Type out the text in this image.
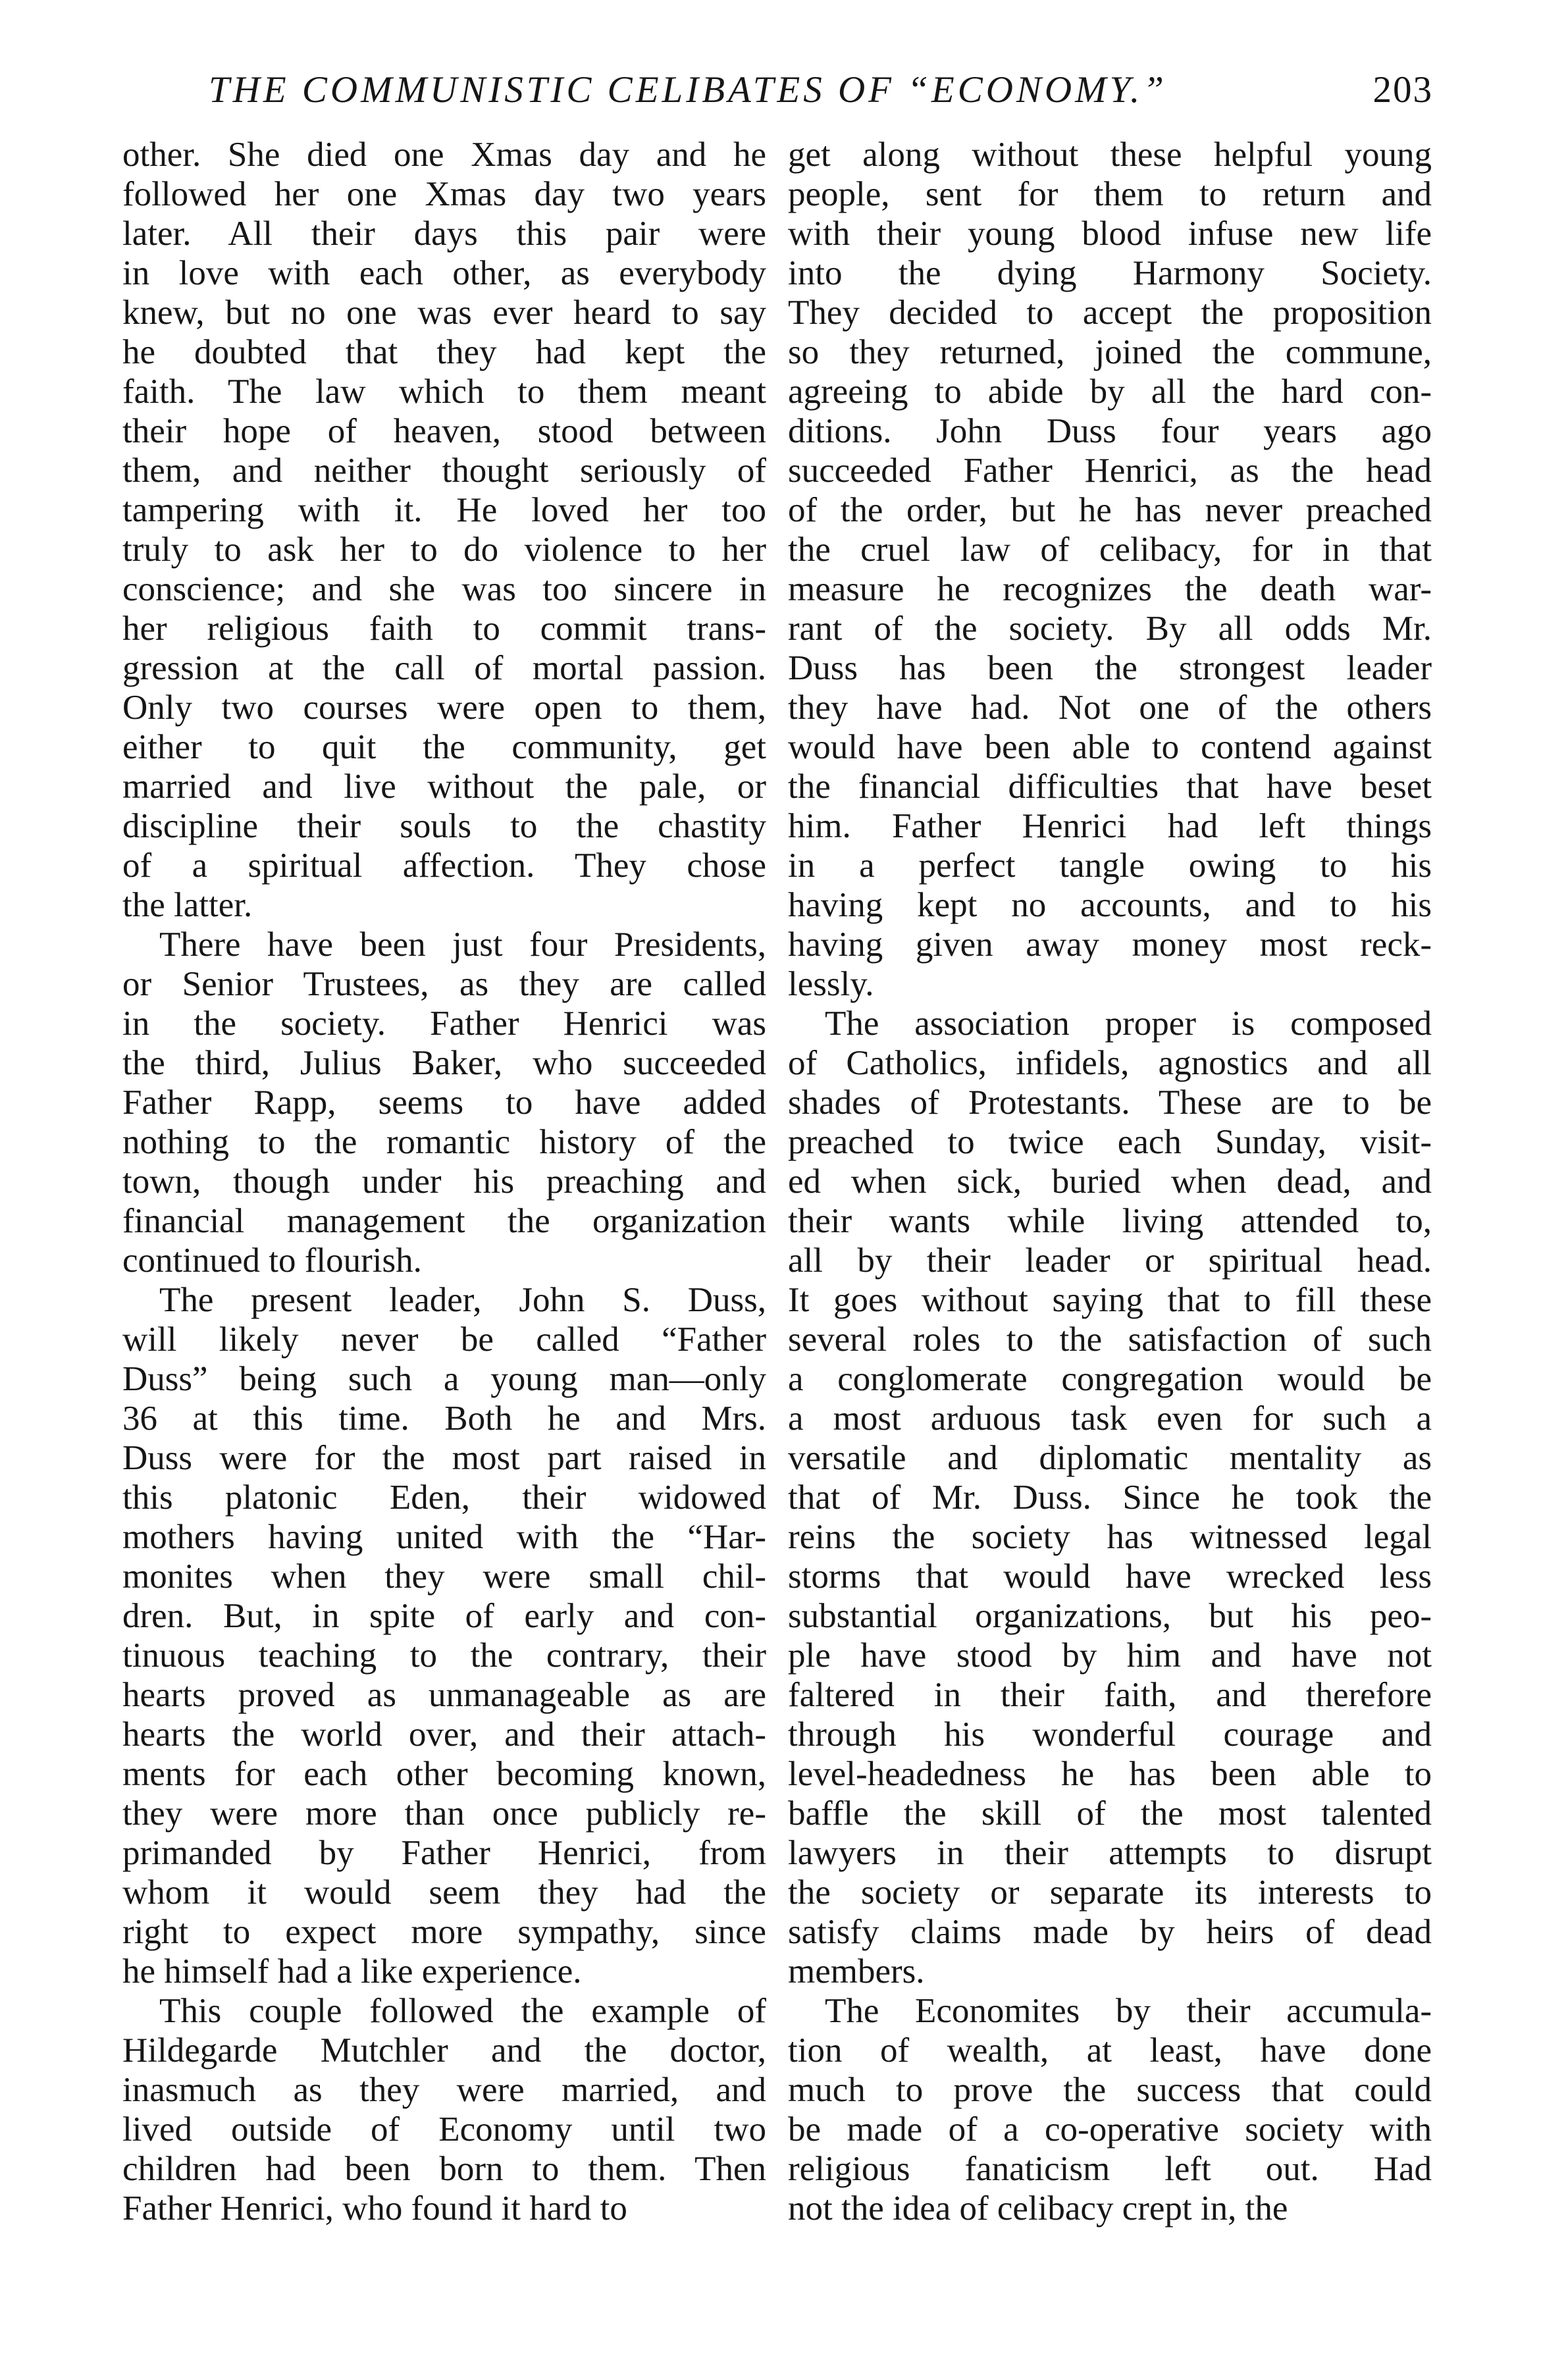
THE COMMUNISTIC CELIBATES OF “ECONOMY.”	203
other. She died one Xmas day and he
followed her one Xmas day two years
later. All their days this pair were
in love with each other, as everybody
knew, but no one was ever heard to say
he doubted that they had kept the
faith. The law which to them meant
their hope of heaven, stood between
them, and neither thought seriously of
tampering with it. He loved her too
truly to ask her to do violence to her
conscience; and she was too sincere in
her religious faith to commit trans-
gression at the call of mortal passion.
Only two courses were open to them,
either to quit the community, get
married and live without the pale, or
discipline their souls to the chastity
of a spiritual affection. They chose
the latter.
There have been just four Presidents,
or Senior Trustees, as they are called
in the society. Father Henrici was
the third, Julius Baker, who succeeded
Father Rapp, seems to have added
nothing to the romantic history of the
town, though under his preaching and
financial management the organization
continued to flourish.
The present leader, John S. Duss,
will likely never be called “Father
Duss” being such a young man—only
36 at this time. Both he and Mrs.
Duss were for the most part raised in
this platonic Eden, their widowed
mothers having united with the “Har-
monites when they were small chil-
dren. But, in spite of early and con-
tinuous teaching to the contrary, their
hearts proved as unmanageable as are
hearts the world over, and their attach-
ments for each other becoming known,
they were more than once publicly re-
primanded by Father Henrici, from
whom it would seem they had the
right to expect more sympathy, since
he himself had a like experience.
This couple followed the example of
Hildegarde Mutchler and the doctor,
inasmuch as they were married, and
lived outside of Economy until two
children had been born to them. Then
Father Henrici, who found it hard to
get along without these helpful young
people, sent for them to return and
with their young blood infuse new life
into the dying Harmony Society.
They decided to accept the proposition
so they returned, joined the commune,
agreeing to abide by all the hard con-
ditions. John Duss four years ago
succeeded Father Henrici, as the head
of the order, but he has never preached
the cruel law of celibacy, for in that
measure he recognizes the death war-
rant of the society. By all odds Mr.
Duss has been the strongest leader
they have had. Not one of the others
would have been able to contend against
the financial difficulties that have beset
him. Father Henrici had left things
in a perfect tangle owing to his
having kept no accounts, and to his
having given away money most reck-
lessly.
The association proper is composed
of Catholics, infidels, agnostics and all
shades of Protestants. These are to be
preached to twice each Sunday, visit-
ed when sick, buried when dead, and
their wants while living attended to,
all by their leader or spiritual head.
It goes without saying that to fill these
several roles to the satisfaction of such
a conglomerate congregation would be
a most arduous task even for such a
versatile and diplomatic mentality as
that of Mr. Duss. Since he took the
reins the society has witnessed legal
storms that would have wrecked less
substantial organizations, but his peo-
ple have stood by him and have not
faltered in their faith, and therefore
through his wonderful courage and
level-headedness he has been able to
baffle the skill of the most talented
lawyers in their attempts to disrupt
the society or separate its interests to
satisfy claims made by heirs of dead
members.
The Economites by their accumula-
tion of wealth, at least, have done
much to prove the success that could
be made of a co-operative society with
religious fanaticism left out. Had
not the idea of celibacy crept in, the
